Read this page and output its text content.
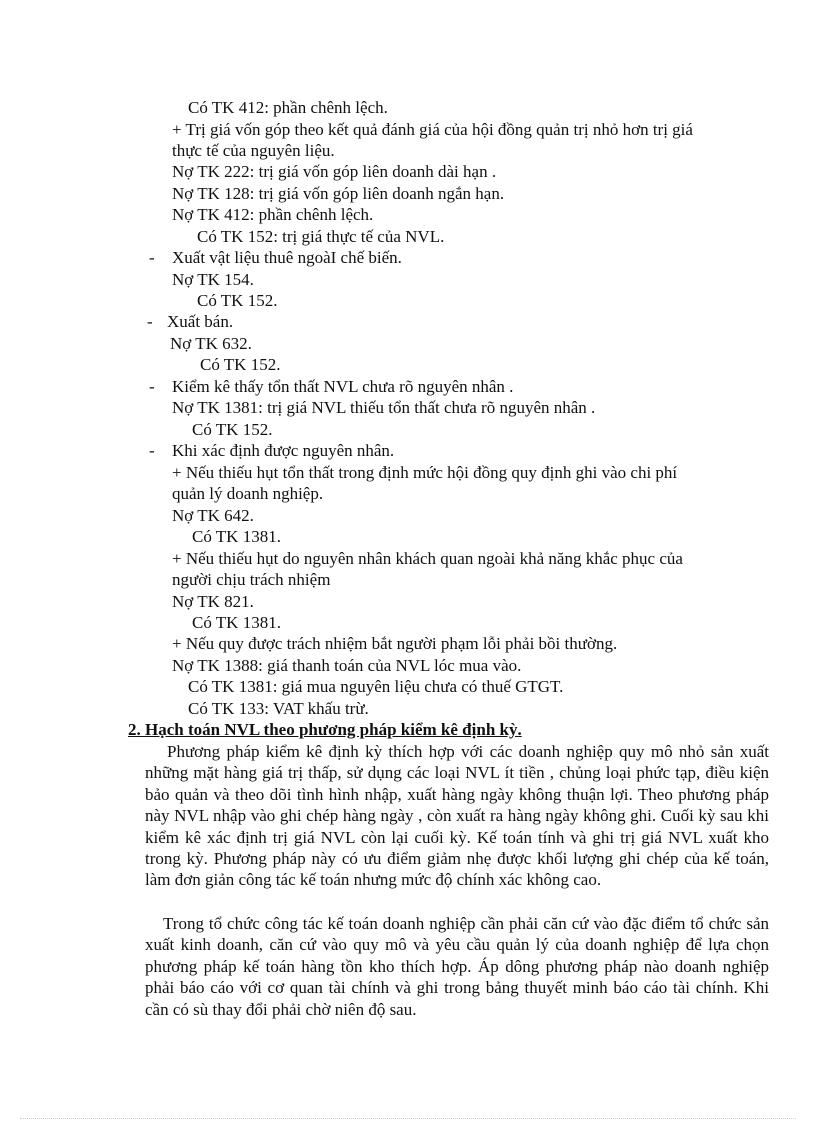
Có TK 412: phần chênh lệch.
+ Trị giá vốn góp theo kết quả đánh giá của hội đồng quản trị nhỏ hơn trị giá
thực tế của nguyên liệu.
Nợ TK 222: trị giá vốn góp liên doanh dài hạn .
Nợ TK 128: trị giá vốn góp liên doanh ngắn hạn.
Nợ TK 412: phần chênh lệch.
Có TK 152: trị giá thực tế của NVL.
- Xuất vật liệu thuê ngoàI chế biến.
Nợ TK 154.
Có TK 152.
- Xuất bán.
Nợ TK 632.
Có TK 152.
- Kiểm kê thấy tổn thất NVL chưa rõ nguyên nhân .
Nợ TK 1381: trị giá NVL thiếu tổn thất chưa rõ nguyên nhân .
Có TK 152.
- Khi xác định được nguyên nhân.
+ Nếu thiếu hụt tổn thất trong định mức hội đồng quy định ghi vào chi phí
quản lý doanh nghiệp.
Nợ TK 642.
Có TK 1381.
+ Nếu thiếu hụt do nguyên nhân khách quan ngoài khả năng khắc phục của
người chịu trách nhiệm
Nợ TK 821.
Có TK 1381.
+ Nếu quy được trách nhiệm bắt người phạm lỗi phải bồi thường.
Nợ TK 1388: giá thanh toán của NVL lóc mua vào.
Có TK 1381: giá mua nguyên liệu chưa có thuế GTGT.
Có TK 133: VAT khấu trừ.
2. Hạch toán NVL theo phương pháp kiểm kê định kỳ.
Phương pháp kiểm kê định kỳ thích hợp với các doanh nghiệp quy mô nhỏ sản xuất những mặt hàng giá trị thấp, sử dụng các loại NVL ít tiền , chủng loại phức tạp, điều kiện bảo quản và theo dõi tình hình nhập, xuất hàng ngày không thuận lợi. Theo phương pháp này NVL nhập vào ghi chép hàng ngày , còn xuất ra hàng ngày không ghi. Cuối kỳ sau khi kiểm kê xác định trị giá NVL còn lại cuối kỳ. Kế toán tính và ghi trị giá NVL xuất kho trong kỳ. Phương pháp này có ưu điểm giảm nhẹ được khối lượng ghi chép của kế toán, làm đơn giản công tác kế toán nhưng mức độ chính xác không cao.
Trong tổ chức công tác kế toán doanh nghiệp cần phải căn cứ vào đặc điểm tổ chức sản xuất kinh doanh, căn cứ vào quy mô và yêu cầu quản lý của doanh nghiệp để lựa chọn phương pháp kế toán hàng tồn kho thích hợp. Áp dông phương pháp nào doanh nghiệp phải báo cáo với cơ quan tài chính và ghi trong bảng thuyết minh báo cáo tài chính. Khi cần có sù thay đổi phải chờ niên độ sau.
